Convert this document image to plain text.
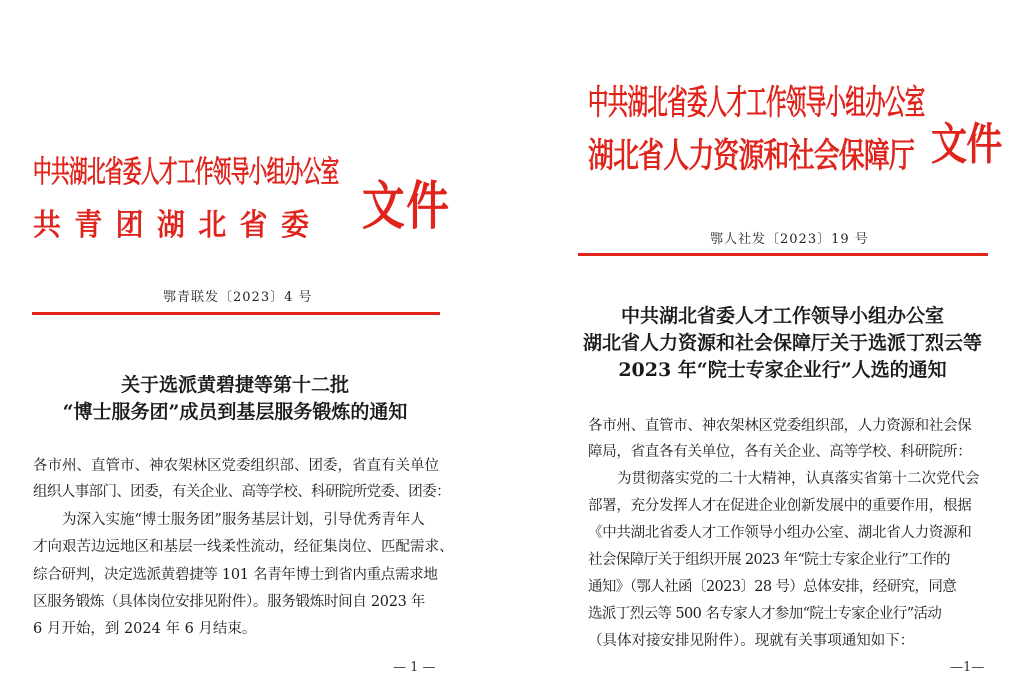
中共湖北省委人才工作领导小组办公室
共 青 团 湖 北 省 委 文件
鄂青联发〔2023〕4 号
关于选派黄碧捷等第十二批
“博士服务团”成员到基层服务锻炼的通知
各市州、直管市、神农架林区党委组织部、团委，省直有关单位
组织人事部门、团委，有关企业、高等学校、科研院所党委、团委：
为深入实施“博士服务团”服务基层计划，引导优秀青年人
才向艰苦边远地区和基层一线柔性流动，经征集岗位、匹配需求、
综合研判，决定选派黄碧捷等 101 名青年博士到省内重点需求地
区服务锻炼（具体岗位安排见附件）。服务锻炼时间自 2023 年
6 月开始，到 2024 年 6 月结束。
— 1 —
中共湖北省委人才工作领导小组办公室
湖北省人力资源和社会保障厅 文件
鄂人社发〔2023〕19 号
中共湖北省委人才工作领导小组办公室
湖北省人力资源和社会保障厅关于选派丁烈云等
2023 年“院士专家企业行”人选的通知
各市州、直管市、神农架林区党委组织部，人力资源和社会保
障局，省直各有关单位，各有关企业、高等学校、科研院所：
为贯彻落实党的二十大精神，认真落实省第十二次党代会
部署，充分发挥人才在促进企业创新发展中的重要作用，根据
《中共湖北省委人才工作领导小组办公室、湖北省人力资源和
社会保障厅关于组织开展 2023 年“院士专家企业行”工作的
通知》（鄂人社函〔2023〕28 号）总体安排，经研究，同意
选派丁烈云等 500 名专家人才参加“院士专家企业行”活动
（具体对接安排见附件）。现就有关事项通知如下：
—1—
